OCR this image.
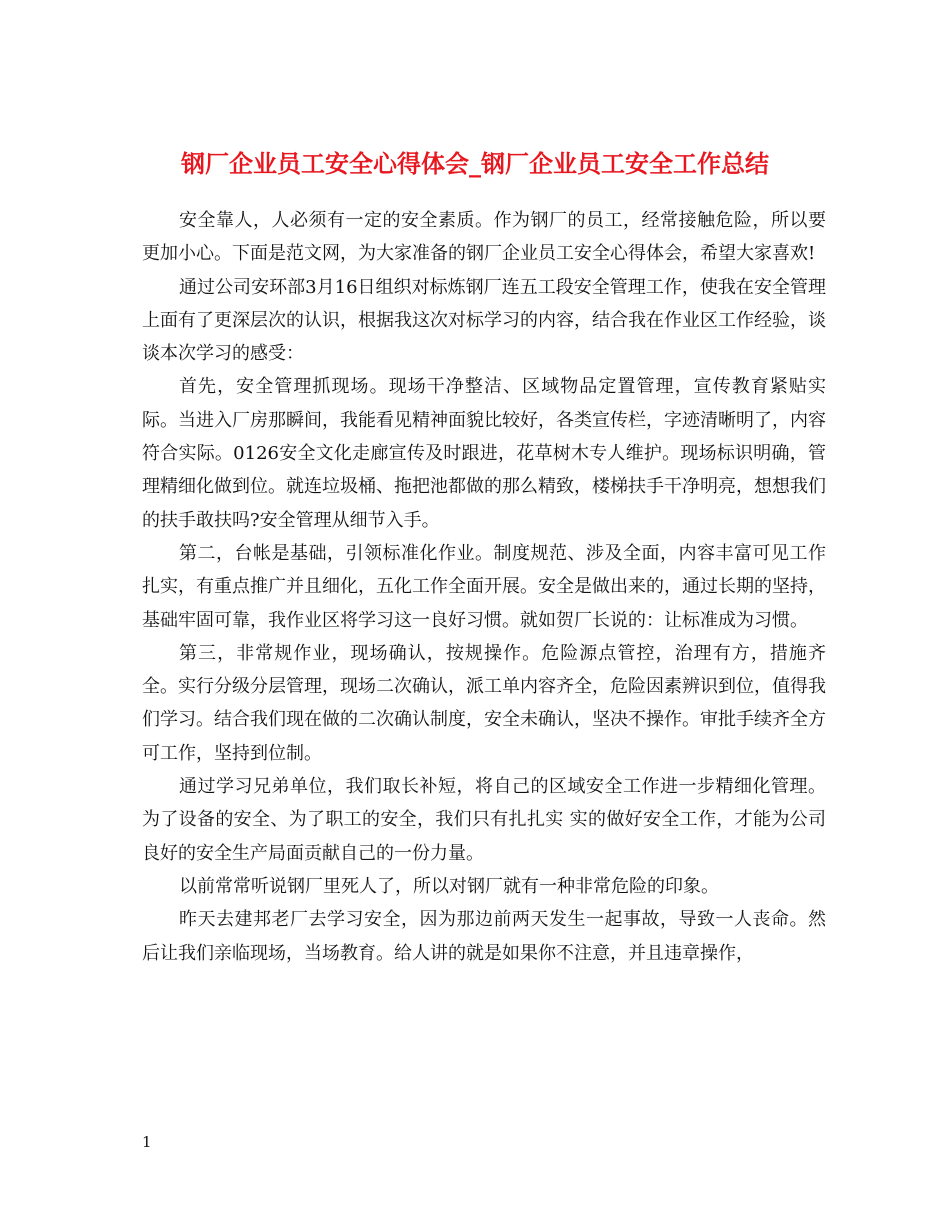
钢厂企业员工安全心得体会_钢厂企业员工安全工作总结

安全靠人，人必须有一定的安全素质。作为钢厂的员工，经常接触危险，所以要更加小心。下面是范文网，为大家准备的钢厂企业员工安全心得体会，希望大家喜欢!

通过公司安环部3月16日组织对标炼钢厂连五工段安全管理工作，使我在安全管理上面有了更深层次的认识，根据我这次对标学习的内容，结合我在作业区工作经验，谈谈本次学习的感受：

首先，安全管理抓现场。现场干净整洁、区域物品定置管理，宣传教育紧贴实际。当进入厂房那瞬间，我能看见精神面貌比较好，各类宣传栏，字迹清晰明了，内容符合实际。0126安全文化走廊宣传及时跟进，花草树木专人维护。现场标识明确，管理精细化做到位。就连垃圾桶、拖把池都做的那么精致，楼梯扶手干净明亮，想想我们的扶手敢扶吗?安全管理从细节入手。

第二，台帐是基础，引领标准化作业。制度规范、涉及全面，内容丰富可见工作扎实，有重点推广并且细化，五化工作全面开展。安全是做出来的，通过长期的坚持，基础牢固可靠，我作业区将学习这一良好习惯。就如贺厂长说的：让标准成为习惯。

第三，非常规作业，现场确认，按规操作。危险源点管控，治理有方，措施齐全。实行分级分层管理，现场二次确认，派工单内容齐全，危险因素辨识到位，值得我们学习。结合我们现在做的二次确认制度，安全未确认，坚决不操作。审批手续齐全方可工作，坚持到位制。

通过学习兄弟单位，我们取长补短，将自己的区域安全工作进一步精细化管理。为了设备的安全、为了职工的安全，我们只有扎扎实 实的做好安全工作，才能为公司良好的安全生产局面贡献自己的一份力量。

以前常常听说钢厂里死人了，所以对钢厂就有一种非常危险的印象。

昨天去建邦老厂去学习安全，因为那边前两天发生一起事故，导致一人丧命。然后让我们亲临现场，当场教育。给人讲的就是如果你不注意，并且违章操作，

1
